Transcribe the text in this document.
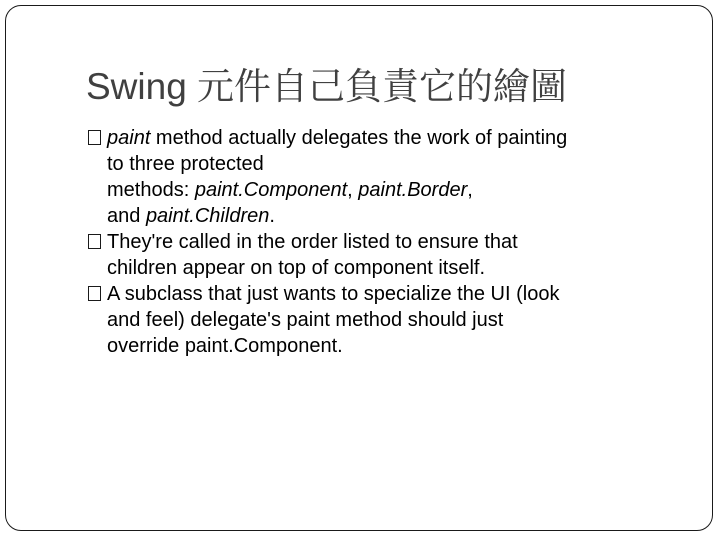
Swing 元件自己負責它的繪圖
paint method actually delegates the work of painting
to three protected
methods: paint.Component, paint.Border,
and paint.Children.
They're called in the order listed to ensure that
children appear on top of component itself.
A subclass that just wants to specialize the UI (look
and feel) delegate's paint method should just
override paint.Component.
